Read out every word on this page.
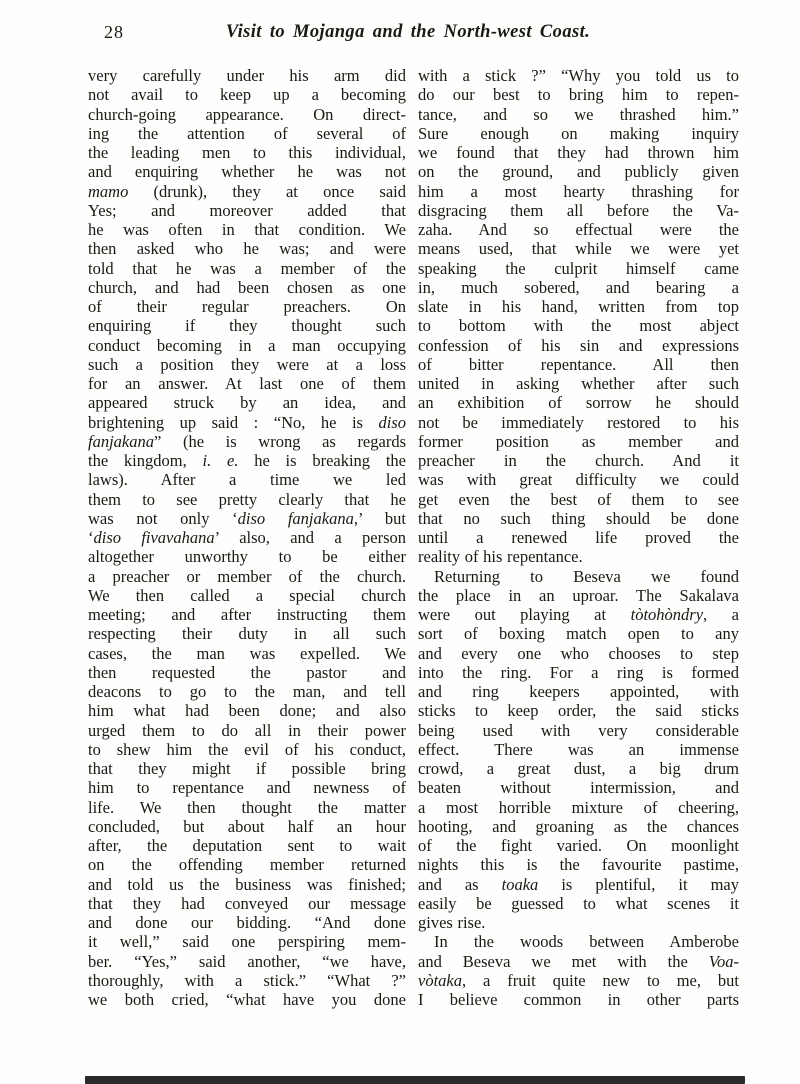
28	Visit to Mojanga and the North-west Coast.
very carefully under his arm did
not avail to keep up a becoming
church-going appearance. On direct-
ing the attention of several of
the leading men to this individual,
and enquiring whether he was not
mamo (drunk), they at once said
Yes; and moreover added that
he was often in that condition. We
then asked who he was; and were
told that he was a member of the
church, and had been chosen as one
of their regular preachers. On
enquiring if they thought such
conduct becoming in a man occupying
such a position they were at a loss
for an answer. At last one of them
appeared struck by an idea, and
brightening up said : “No, he is diso
fanjakana” (he is wrong as regards
the kingdom, i. e. he is breaking the
laws). After a time we led
them to see pretty clearly that he
was not only ‘diso fanjakana,’ but
‘diso fivavahana’ also, and a person
altogether unworthy to be either
a preacher or member of the church.
We then called a special church
meeting; and after instructing them
respecting their duty in all such
cases, the man was expelled. We
then requested the pastor and
deacons to go to the man, and tell
him what had been done; and also
urged them to do all in their power
to shew him the evil of his conduct,
that they might if possible bring
him to repentance and newness of
life. We then thought the matter
concluded, but about half an hour
after, the deputation sent to wait
on the offending member returned
and told us the business was finished;
that they had conveyed our message
and done our bidding. “And done
it well,” said one perspiring mem-
ber. “Yes,” said another, “we have,
thoroughly, with a stick.” “What ?”
we both cried, “what have you done
with a stick ?” “Why you told us to
do our best to bring him to repen-
tance, and so we thrashed him.”
Sure enough on making inquiry
we found that they had thrown him
on the ground, and publicly given
him a most hearty thrashing for
disgracing them all before the Va-
zaha. And so effectual were the
means used, that while we were yet
speaking the culprit himself came
in, much sobered, and bearing a
slate in his hand, written from top
to bottom with the most abject
confession of his sin and expressions
of bitter repentance. All then
united in asking whether after such
an exhibition of sorrow he should
not be immediately restored to his
former position as member and
preacher in the church. And it
was with great difficulty we could
get even the best of them to see
that no such thing should be done
until a renewed life proved the
reality of his repentance.
Returning to Beseva we found
the place in an uproar. The Sakalava
were out playing at tòtohòndry, a
sort of boxing match open to any
and every one who chooses to step
into the ring. For a ring is formed
and ring keepers appointed, with
sticks to keep order, the said sticks
being used with very considerable
effect. There was an immense
crowd, a great dust, a big drum
beaten without intermission, and
a most horrible mixture of cheering,
hooting, and groaning as the chances
of the fight varied. On moonlight
nights this is the favourite pastime,
and as toaka is plentiful, it may
easily be guessed to what scenes it
gives rise.
In the woods between Amberobe
and Beseva we met with the Voa-
vòtaka, a fruit quite new to me, but
I believe common in other parts
